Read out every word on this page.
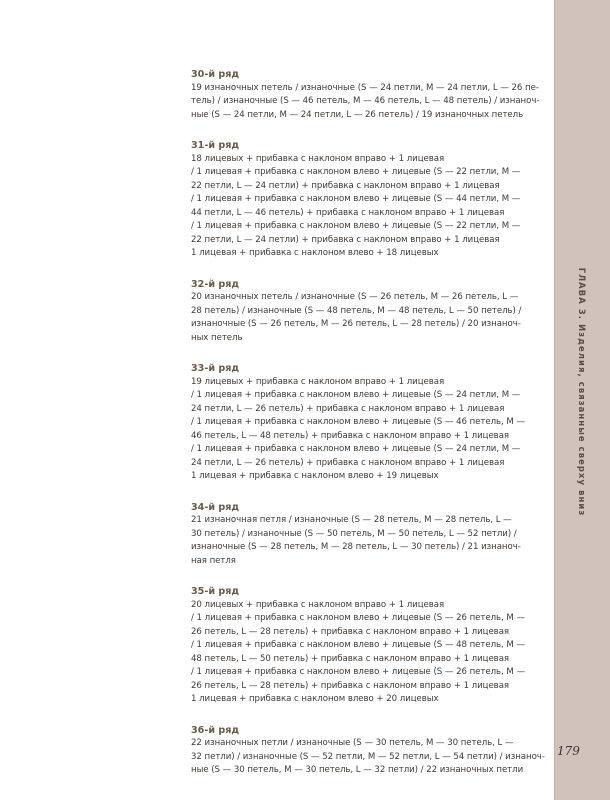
30-й ряд
19 изнаночных петель / изнаночные (S — 24 петли, M — 24 петли, L — 26 пе-
тель) / изнаночные (S — 46 петель, M — 46 петель, L — 48 петель) / изнаноч-
ные (S — 24 петли, M — 24 петли, L — 26 петель) / 19 изнаночных петель
31-й ряд
18 лицевых + прибавка с наклоном вправо + 1 лицевая
/ 1 лицевая + прибавка с наклоном влево + лицевые (S — 22 петли, M —
22 петли, L — 24 петли) + прибавка с наклоном вправо + 1 лицевая
/ 1 лицевая + прибавка с наклоном влево + лицевые (S — 44 петли, M —
44 петли, L — 46 петель) + прибавка с наклоном вправо + 1 лицевая
/ 1 лицевая + прибавка с наклоном влево + лицевые (S — 22 петли, M —
22 петли, L — 24 петли) + прибавка с наклоном вправо + 1 лицевая
1 лицевая + прибавка с наклоном влево + 18 лицевых
32-й ряд
20 изнаночных петель / изнаночные (S — 26 петель, M — 26 петель, L —
28 петель) / изнаночные (S — 48 петель, M — 48 петель, L — 50 петель) /
изнаночные (S — 26 петель, M — 26 петель, L — 28 петель) / 20 изнаноч-
ных петель
33-й ряд
19 лицевых + прибавка с наклоном вправо + 1 лицевая
/ 1 лицевая + прибавка с наклоном влево + лицевые (S — 24 петли, M —
24 петли, L — 26 петель) + прибавка с наклоном вправо + 1 лицевая
/ 1 лицевая + прибавка с наклоном влево + лицевые (S — 46 петель, M —
46 петель, L — 48 петель) + прибавка с наклоном вправо + 1 лицевая
/ 1 лицевая + прибавка с наклоном влево + лицевые (S — 24 петли, M —
24 петли, L — 26 петель) + прибавка с наклоном вправо + 1 лицевая
1 лицевая + прибавка с наклоном влево + 19 лицевых
34-й ряд
21 изнаночная петля / изнаночные (S — 28 петель, M — 28 петель, L —
30 петель) / изнаночные (S — 50 петель, M — 50 петель, L — 52 петли) /
изнаночные (S — 28 петель, M — 28 петель, L — 30 петель) / 21 изнаноч-
ная петля
35-й ряд
20 лицевых + прибавка с наклоном вправо + 1 лицевая
/ 1 лицевая + прибавка с наклоном влево + лицевые (S — 26 петель, M —
26 петель, L — 28 петель) + прибавка с наклоном вправо + 1 лицевая
/ 1 лицевая + прибавка с наклоном влево + лицевые (S — 48 петель, M —
48 петель, L — 50 петель) + прибавка с наклоном вправо + 1 лицевая
/ 1 лицевая + прибавка с наклоном влево + лицевые (S — 26 петель, M —
26 петель, L — 28 петель) + прибавка с наклоном вправо + 1 лицевая
1 лицевая + прибавка с наклоном влево + 20 лицевых
36-й ряд
22 изнаночных петли / изнаночные (S — 30 петель, M — 30 петель, L —
32 петли) / изнаночные (S — 52 петли, M — 52 петли, L — 54 петли) / изнаноч-
ные (S — 30 петель, M — 30 петель, L — 32 петли) / 22 изнаночных петли
ГЛАВА 3. Изделия, связанные сверху вниз
179
